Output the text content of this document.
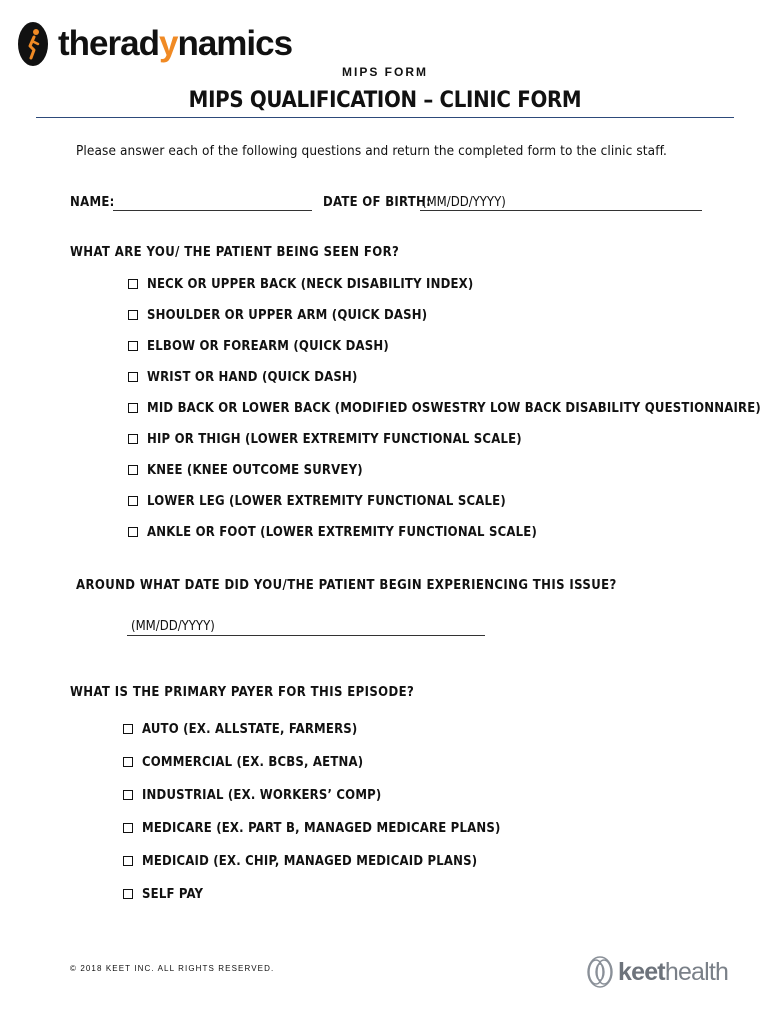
theradynamics
MIPS FORM
MIPS QUALIFICATION – CLINIC FORM
Please answer each of the following questions and return the completed form to the clinic staff.
NAME:	DATE OF BIRTH:
(MM/DD/YYYY)
WHAT ARE YOU/ THE PATIENT BEING SEEN FOR?
NECK OR UPPER BACK (NECK DISABILITY INDEX)
SHOULDER OR UPPER ARM (QUICK DASH)
ELBOW OR FOREARM (QUICK DASH)
WRIST OR HAND (QUICK DASH)
MID BACK OR LOWER BACK (MODIFIED OSWESTRY LOW BACK DISABILITY QUESTIONNAIRE)
HIP OR THIGH (LOWER EXTREMITY FUNCTIONAL SCALE)
KNEE (KNEE OUTCOME SURVEY)
LOWER LEG (LOWER EXTREMITY FUNCTIONAL SCALE)
ANKLE OR FOOT (LOWER EXTREMITY FUNCTIONAL SCALE)
AROUND WHAT DATE DID YOU/THE PATIENT BEGIN EXPERIENCING THIS ISSUE?
(MM/DD/YYYY)
WHAT IS THE PRIMARY PAYER FOR THIS EPISODE?
AUTO (EX. ALLSTATE, FARMERS)
COMMERCIAL (EX. BCBS, AETNA)
INDUSTRIAL (EX. WORKERS’ COMP)
MEDICARE (EX. PART B, MANAGED MEDICARE PLANS)
MEDICAID (EX. CHIP, MANAGED MEDICAID PLANS)
SELF PAY
© 2018 KEET INC. ALL RIGHTS RESERVED.	keethealth
